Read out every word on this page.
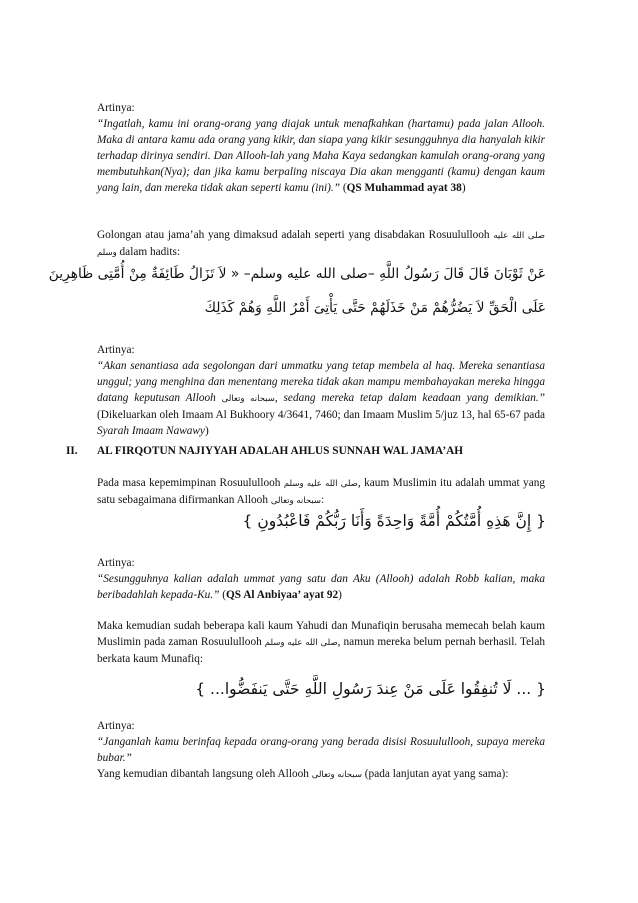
Artinya:

“Ingatlah, kamu ini orang-orang yang diajak untuk menafkahkan (hartamu) pada jalan Allooh. Maka di antara kamu ada orang yang kikir, dan siapa yang kikir sesungguhnya dia hanyalah kikir terhadap dirinya sendiri. Dan Allooh-lah yang Maha Kaya sedangkan kamulah orang-orang yang membutuhkan(Nya); dan jika kamu berpaling niscaya Dia akan mengganti (kamu) dengan kaum yang lain, dan mereka tidak akan seperti kamu (ini).” (QS Muhammad ayat 38)

Golongan atau jama’ah yang dimaksud adalah seperti yang disabdakan Rosuulullooh صلى الله عليه وسلم dalam hadits:

عَنْ ثَوْبَانَ قَالَ قَالَ رَسُولُ اللَّهِ –صلى الله عليه وسلم– « لاَ تَزَالُ طَائِفَةٌ مِنْ أُمَّتِى ظَاهِرِينَ
عَلَى الْحَقِّ لاَ يَضُرُّهُمْ مَنْ خَذَلَهُمْ حَتَّى يَأْتِىَ أَمْرُ اللَّهِ وَهُمْ كَذَلِكَ

Artinya:

“Akan senantiasa ada segolongan dari ummatku yang tetap membela al haq. Mereka senantiasa unggul; yang menghina dan menentang mereka tidak akan mampu membahayakan mereka hingga datang keputusan Allooh سبحانه وتعالى, sedang mereka tetap dalam keadaan yang demikian.” (Dikeluarkan oleh Imaam Al Bukhoory 4/3641, 7460; dan Imaam Muslim 5/juz 13, hal 65-67 pada Syarah Imaam Nawawy)

II. AL FIRQOTUN NAJIYYAH ADALAH AHLUS SUNNAH WAL JAMA’AH

Pada masa kepemimpinan Rosuulullooh صلى الله عليه وسلم, kaum Muslimin itu adalah ummat yang satu sebagaimana difirmankan Allooh سبحانه وتعالى:

{ إِنَّ هَذِهِ أُمَّتُكُمْ أُمَّةً وَاحِدَةً وَأَنَا رَبُّكُمْ فَاعْبُدُونِ }

Artinya:

“Sesungguhnya kalian adalah ummat yang satu dan Aku (Allooh) adalah Robb kalian, maka beribadahlah kepada-Ku.” (QS Al Anbiyaa’ ayat 92)

Maka kemudian sudah beberapa kali kaum Yahudi dan Munafiqin berusaha memecah belah kaum Muslimin pada zaman Rosuulullooh صلى الله عليه وسلم, namun mereka belum pernah berhasil. Telah berkata kaum Munafiq:

{ ... لَا تُنفِقُوا عَلَى مَنْ عِندَ رَسُولِ اللَّهِ حَتَّى يَنفَضُّوا... }

Artinya:

“Janganlah kamu berinfaq kepada orang-orang yang berada disisi Rosuulullooh, supaya mereka bubar.”

Yang kemudian dibantah langsung oleh Allooh سبحانه وتعالى (pada lanjutan ayat yang sama):
